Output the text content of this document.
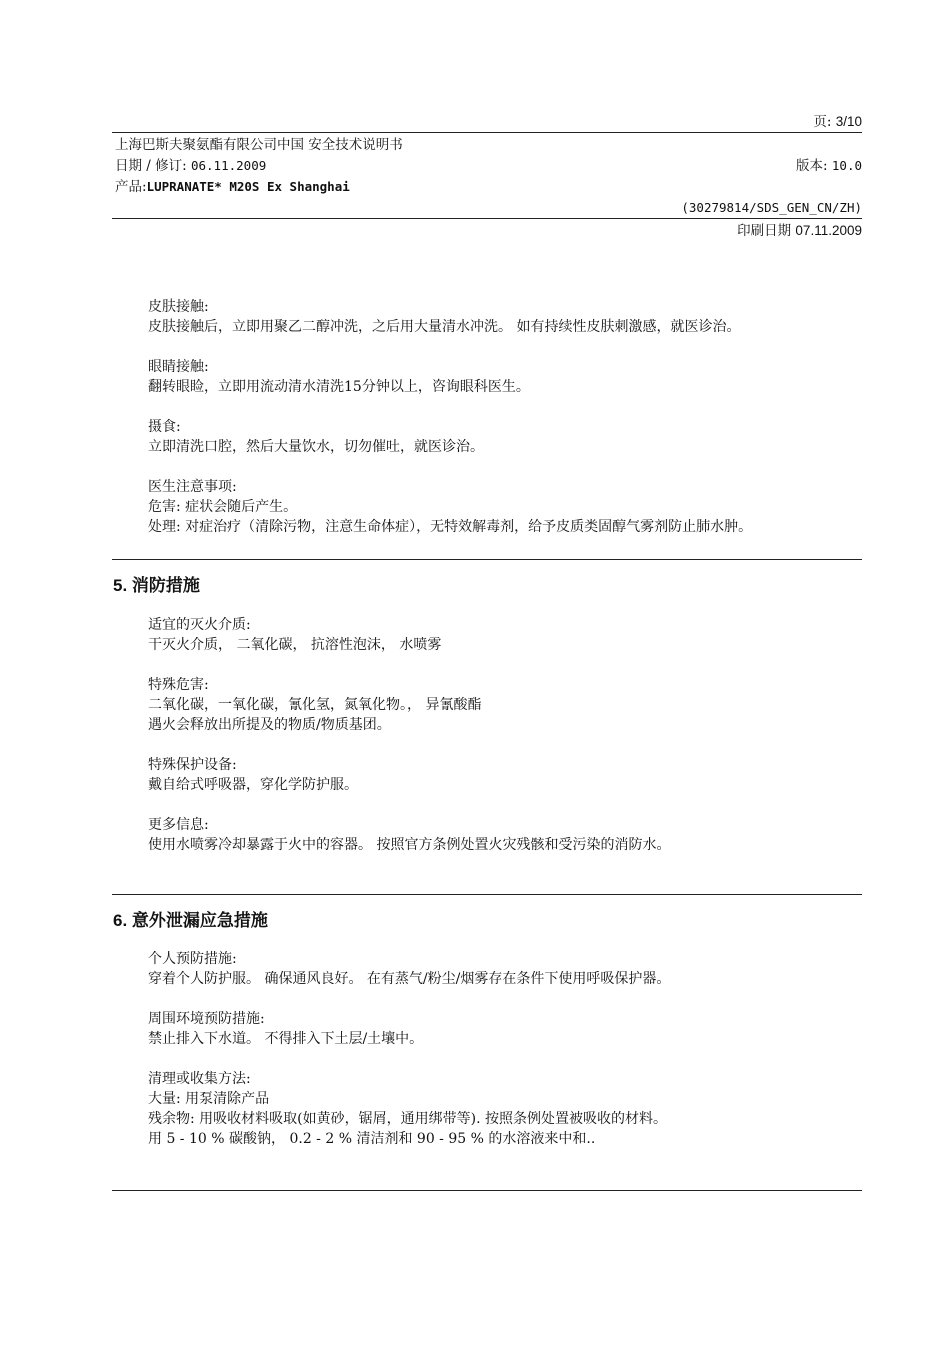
页: 3/10
上海巴斯夫聚氨酯有限公司中国 安全技术说明书
日期 / 修订: 06.11.2009	版本: 10.0
产品:LUPRANATE* M20S Ex Shanghai
(30279814/SDS_GEN_CN/ZH)
印刷日期 07.11.2009
皮肤接触:
皮肤接触后，立即用聚乙二醇冲洗，之后用大量清水冲洗。 如有持续性皮肤刺激感，就医诊治。
眼睛接触:
翻转眼睑，立即用流动清水清洗15分钟以上，咨询眼科医生。
摄食:
立即清洗口腔，然后大量饮水，切勿催吐，就医诊治。
医生注意事项:
危害: 症状会随后产生。
处理: 对症治疗（清除污物，注意生命体症），无特效解毒剂，给予皮质类固醇气雾剂防止肺水肿。
5. 消防措施
适宜的灭火介质:
干灭火介质， 二氧化碳， 抗溶性泡沫， 水喷雾
特殊危害:
二氧化碳，一氧化碳，氰化氢，氮氧化物。， 异氰酸酯
遇火会释放出所提及的物质/物质基团。
特殊保护设备:
戴自给式呼吸器，穿化学防护服。
更多信息:
使用水喷雾冷却暴露于火中的容器。 按照官方条例处置火灾残骸和受污染的消防水。
6. 意外泄漏应急措施
个人预防措施:
穿着个人防护服。 确保通风良好。 在有蒸气/粉尘/烟雾存在条件下使用呼吸保护器。
周围环境预防措施:
禁止排入下水道。 不得排入下土层/土壤中。
清理或收集方法:
大量: 用泵清除产品
残余物: 用吸收材料吸取(如黄砂，锯屑，通用绑带等). 按照条例处置被吸收的材料。
用 5 - 10 % 碳酸钠， 0.2 - 2 % 清洁剂和 90 - 95 % 的水溶液来中和..
